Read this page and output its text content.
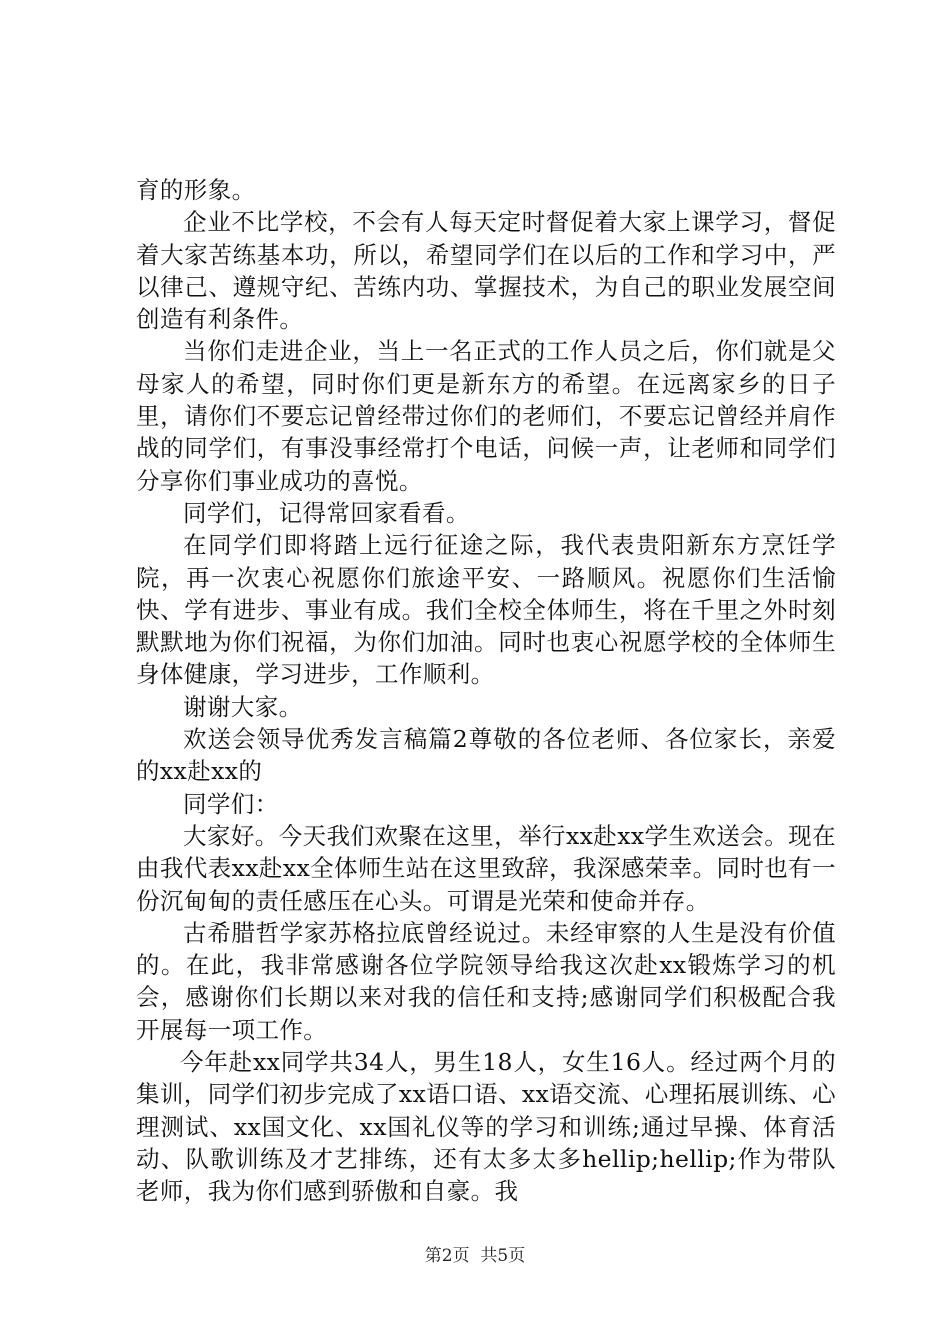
育的形象。

企业不比学校，不会有人每天定时督促着大家上课学习，督促着大家苦练基本功，所以，希望同学们在以后的工作和学习中，严以律己、遵规守纪、苦练内功、掌握技术，为自己的职业发展空间创造有利条件。

当你们走进企业，当上一名正式的工作人员之后，你们就是父母家人的希望，同时你们更是新东方的希望。在远离家乡的日子里，请你们不要忘记曾经带过你们的老师们，不要忘记曾经并肩作战的同学们，有事没事经常打个电话，问候一声，让老师和同学们分享你们事业成功的喜悦。

同学们，记得常回家看看。

在同学们即将踏上远行征途之际，我代表贵阳新东方烹饪学院，再一次衷心祝愿你们旅途平安、一路顺风。祝愿你们生活愉快、学有进步、事业有成。我们全校全体师生，将在千里之外时刻默默地为你们祝福，为你们加油。同时也衷心祝愿学校的全体师生身体健康，学习进步，工作顺利。

谢谢大家。

欢送会领导优秀发言稿篇2尊敬的各位老师、各位家长，亲爱的xx赴xx的

同学们：

大家好。今天我们欢聚在这里，举行xx赴xx学生欢送会。现在由我代表xx赴xx全体师生站在这里致辞，我深感荣幸。同时也有一份沉甸甸的责任感压在心头。可谓是光荣和使命并存。

古希腊哲学家苏格拉底曾经说过。未经审察的人生是没有价值的。在此，我非常感谢各位学院领导给我这次赴xx锻炼学习的机会，感谢你们长期以来对我的信任和支持;感谢同学们积极配合我开展每一项工作。

今年赴xx同学共34人，男生18人，女生16人。经过两个月的集训，同学们初步完成了xx语口语、xx语交流、心理拓展训练、心理测试、xx国文化、xx国礼仪等的学习和训练;通过早操、体育活动、队歌训练及才艺排练，还有太多太多hellip;hellip;作为带队老师，我为你们感到骄傲和自豪。我

第2页  共5页
